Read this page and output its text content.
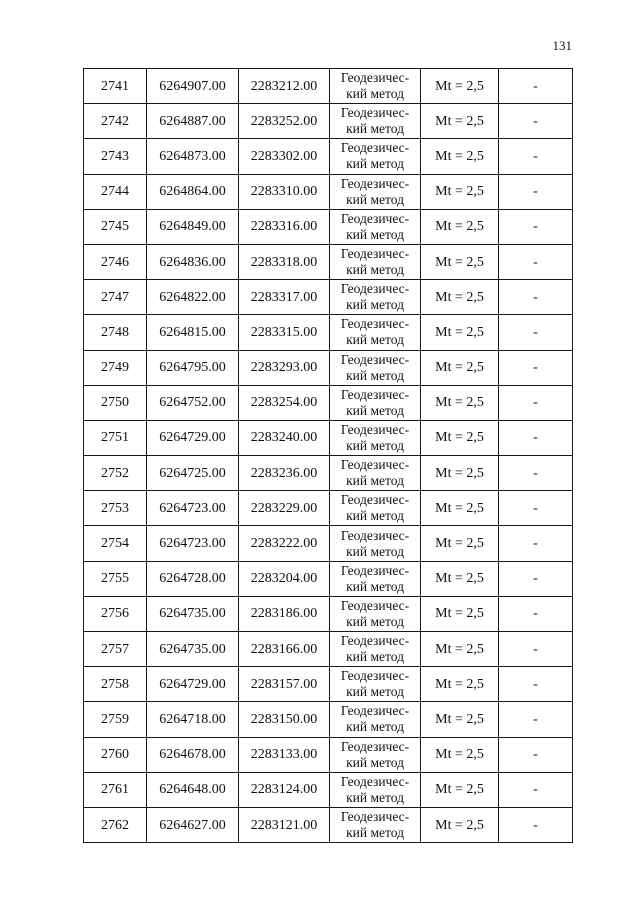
131
2741	6264907.00	2283212.00	Геодезичес-
кий метод	Mt = 2,5	-
2742	6264887.00	2283252.00	Геодезичес-
кий метод	Mt = 2,5	-
2743	6264873.00	2283302.00	Геодезичес-
кий метод	Mt = 2,5	-
2744	6264864.00	2283310.00	Геодезичес-
кий метод	Mt = 2,5	-
2745	6264849.00	2283316.00	Геодезичес-
кий метод	Mt = 2,5	-
2746	6264836.00	2283318.00	Геодезичес-
кий метод	Mt = 2,5	-
2747	6264822.00	2283317.00	Геодезичес-
кий метод	Mt = 2,5	-
2748	6264815.00	2283315.00	Геодезичес-
кий метод	Mt = 2,5	-
2749	6264795.00	2283293.00	Геодезичес-
кий метод	Mt = 2,5	-
2750	6264752.00	2283254.00	Геодезичес-
кий метод	Mt = 2,5	-
2751	6264729.00	2283240.00	Геодезичес-
кий метод	Mt = 2,5	-
2752	6264725.00	2283236.00	Геодезичес-
кий метод	Mt = 2,5	-
2753	6264723.00	2283229.00	Геодезичес-
кий метод	Mt = 2,5	-
2754	6264723.00	2283222.00	Геодезичес-
кий метод	Mt = 2,5	-
2755	6264728.00	2283204.00	Геодезичес-
кий метод	Mt = 2,5	-
2756	6264735.00	2283186.00	Геодезичес-
кий метод	Mt = 2,5	-
2757	6264735.00	2283166.00	Геодезичес-
кий метод	Mt = 2,5	-
2758	6264729.00	2283157.00	Геодезичес-
кий метод	Mt = 2,5	-
2759	6264718.00	2283150.00	Геодезичес-
кий метод	Mt = 2,5	-
2760	6264678.00	2283133.00	Геодезичес-
кий метод	Mt = 2,5	-
2761	6264648.00	2283124.00	Геодезичес-
кий метод	Mt = 2,5	-
2762	6264627.00	2283121.00	Геодезичес-
кий метод	Mt = 2,5	-
